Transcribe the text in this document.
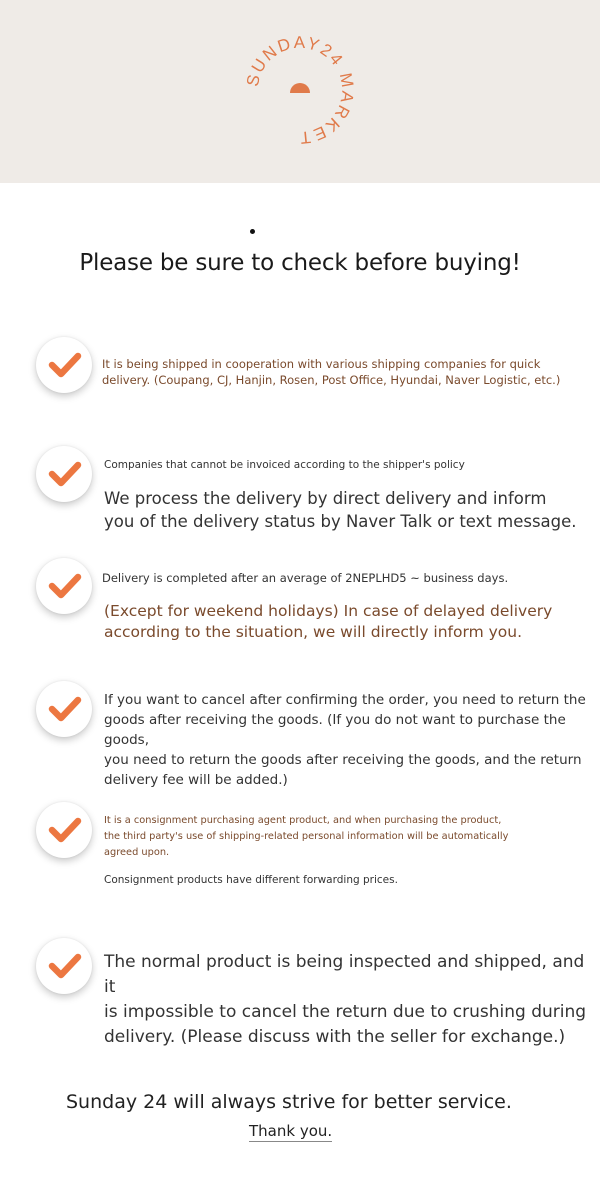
SUNDAY24 MARKET
Please be sure to check before buying!

It is being shipped in cooperation with various shipping companies for quick
delivery. (Coupang, CJ, Hanjin, Rosen, Post Office, Hyundai, Naver Logistic, etc.)

Companies that cannot be invoiced according to the shipper's policy

We process the delivery by direct delivery and inform
you of the delivery status by Naver Talk or text message.

Delivery is completed after an average of 2NEPLHD5 ~ business days.

(Except for weekend holidays) In case of delayed delivery
according to the situation, we will directly inform you.

If you want to cancel after confirming the order, you need to return the
goods after receiving the goods. (If you do not want to purchase the goods,
you need to return the goods after receiving the goods, and the return
delivery fee will be added.)

It is a consignment purchasing agent product, and when purchasing the product,
the third party's use of shipping-related personal information will be automatically
agreed upon.

Consignment products have different forwarding prices.

The normal product is being inspected and shipped, and it
is impossible to cancel the return due to crushing during
delivery. (Please discuss with the seller for exchange.)

Sunday 24 will always strive for better service.
Thank you.
